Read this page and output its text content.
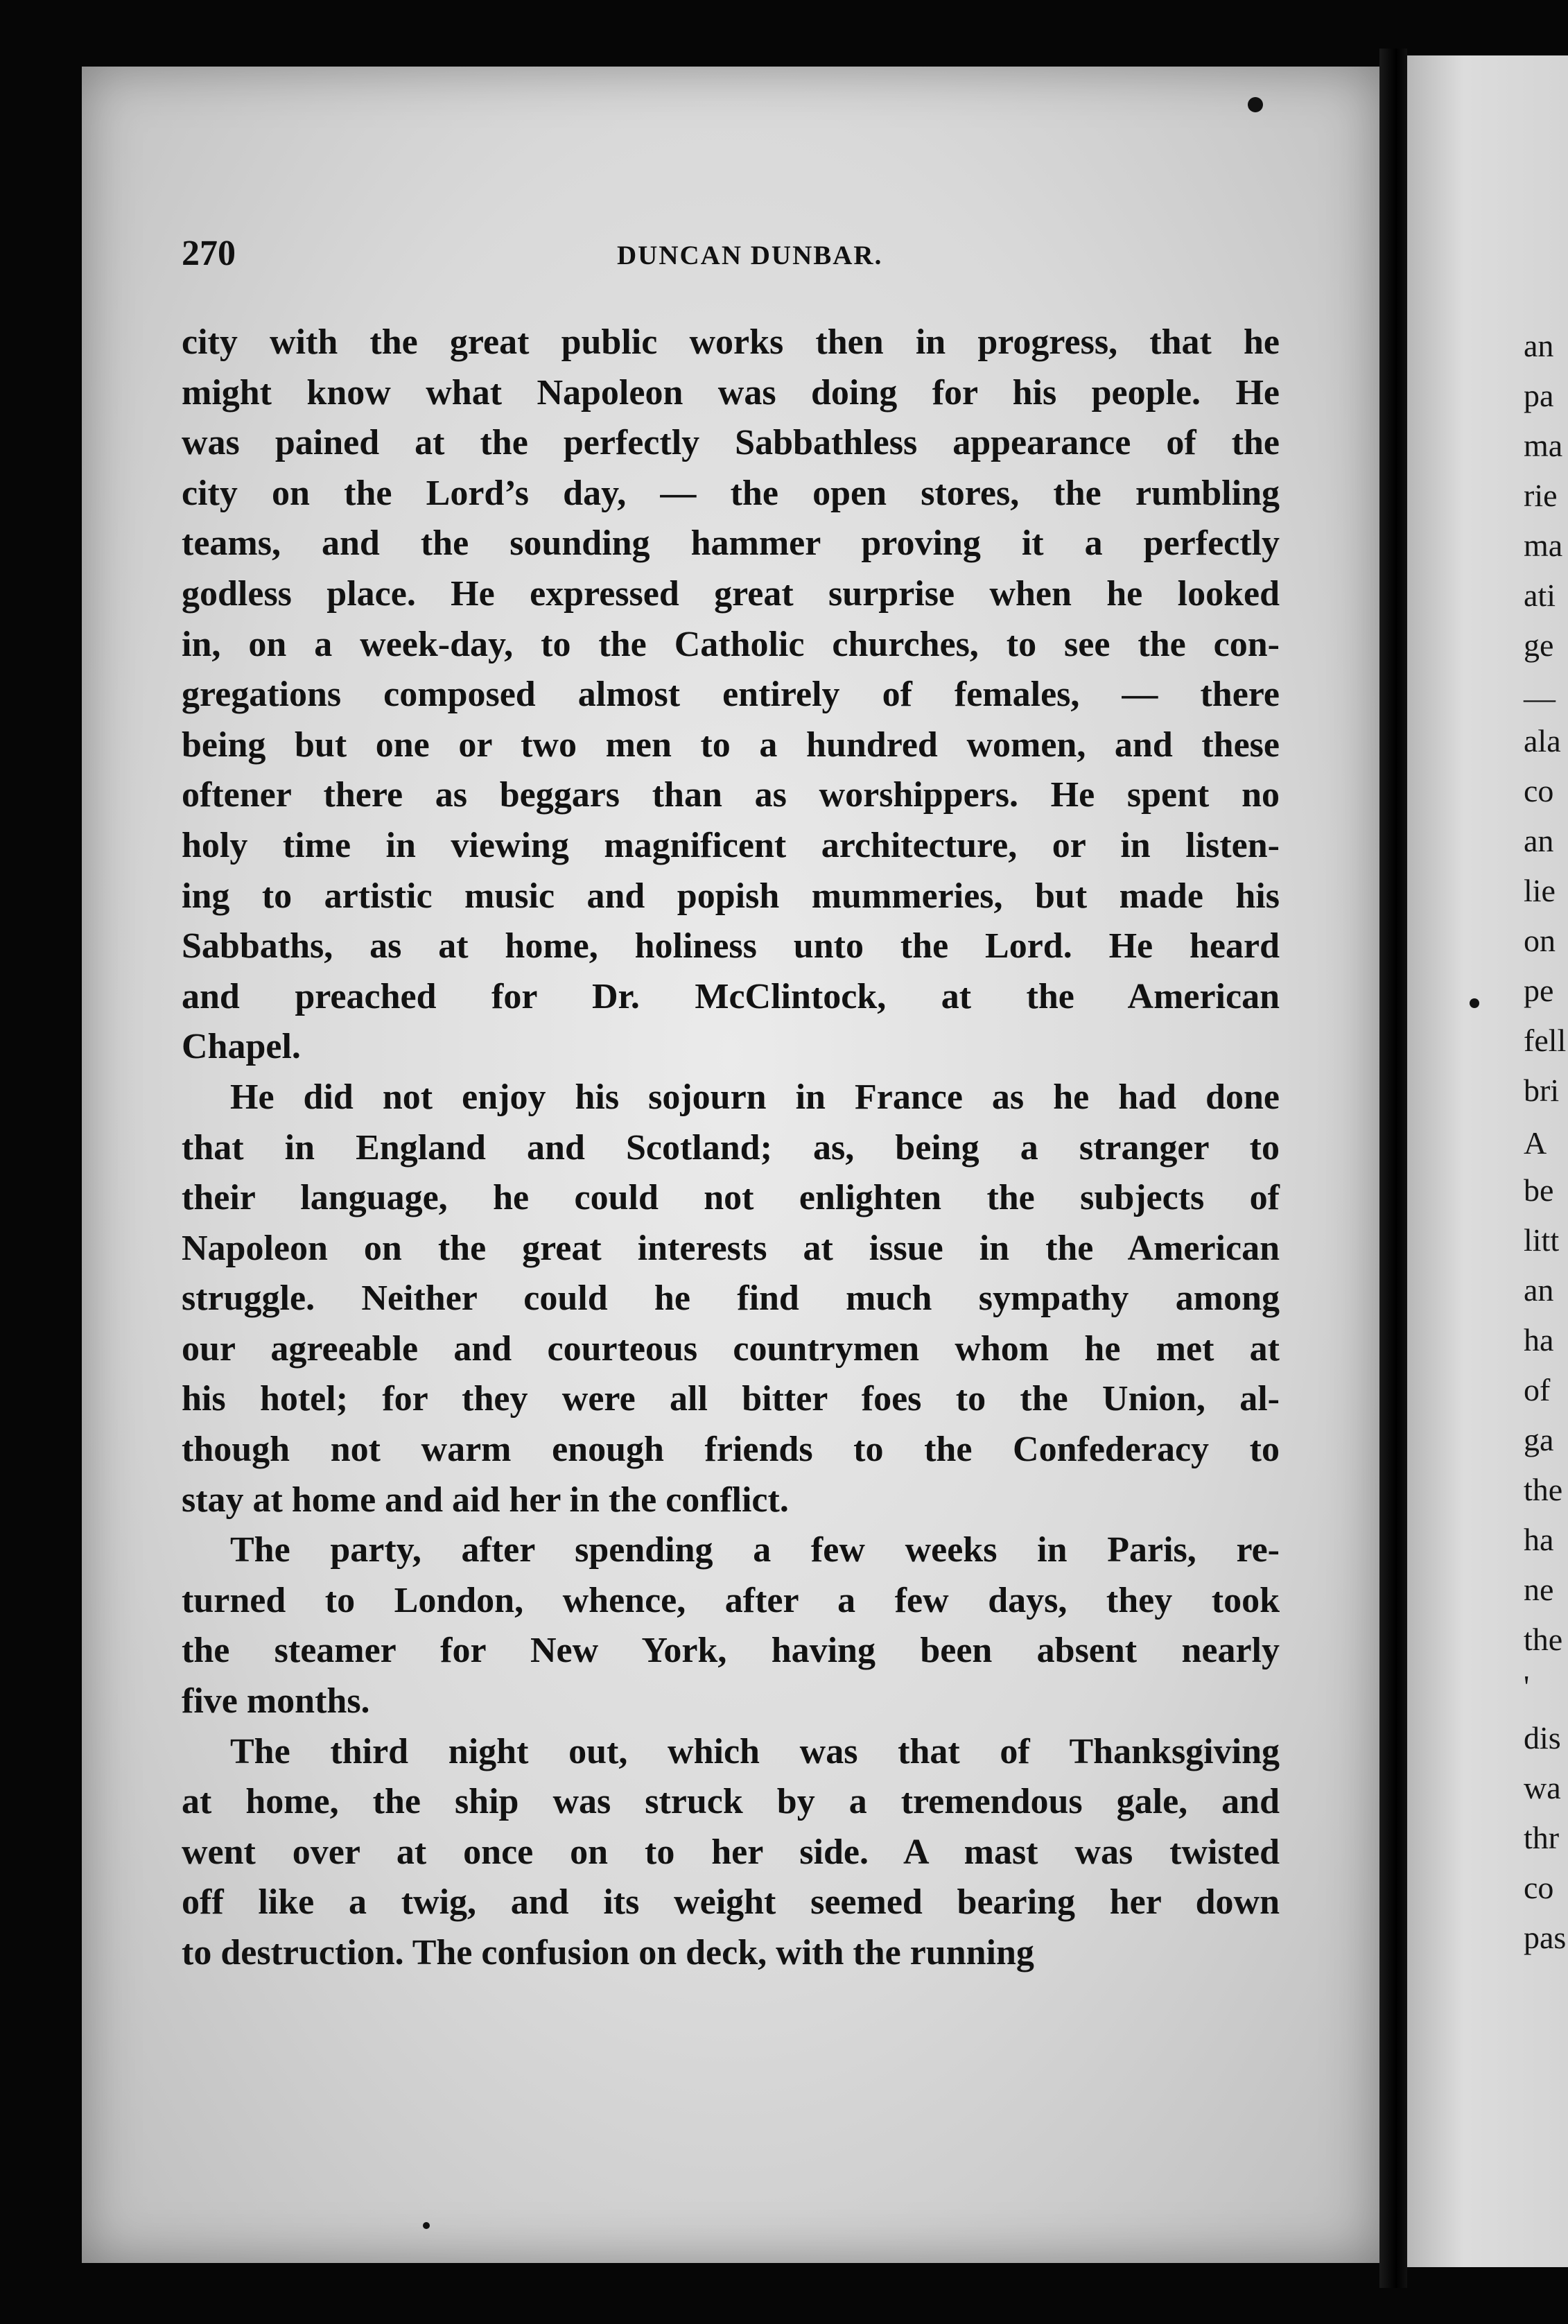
an
pa
ma
rie
ma
ati
ge
—
ala
co
an
lie
on
pe
fell
bri
A
be
litt
an
ha
of
ga
the
ha
ne
the
'
dis
wa
thr
co
pas
270	DUNCAN DUNBAR.
city with the great public works then in progress, that he
might know what Napoleon was doing for his people. He
was pained at the perfectly Sabbathless appearance of the
city on the Lord’s day, — the open stores, the rumbling
teams, and the sounding hammer proving it a perfectly
godless place. He expressed great surprise when he looked
in, on a week-day, to the Catholic churches, to see the con-
gregations composed almost entirely of females, — there
being but one or two men to a hundred women, and these
oftener there as beggars than as worshippers. He spent no
holy time in viewing magnificent architecture, or in listen-
ing to artistic music and popish mummeries, but made his
Sabbaths, as at home, holiness unto the Lord. He heard
and preached for Dr. McClintock, at the American
Chapel.
He did not enjoy his sojourn in France as he had done
that in England and Scotland; as, being a stranger to
their language, he could not enlighten the subjects of
Napoleon on the great interests at issue in the American
struggle. Neither could he find much sympathy among
our agreeable and courteous countrymen whom he met at
his hotel; for they were all bitter foes to the Union, al-
though not warm enough friends to the Confederacy to
stay at home and aid her in the conflict.
The party, after spending a few weeks in Paris, re-
turned to London, whence, after a few days, they took
the steamer for New York, having been absent nearly
five months.
The third night out, which was that of Thanksgiving
at home, the ship was struck by a tremendous gale, and
went over at once on to her side. A mast was twisted
off like a twig, and its weight seemed bearing her down
to destruction. The confusion on deck, with the running
